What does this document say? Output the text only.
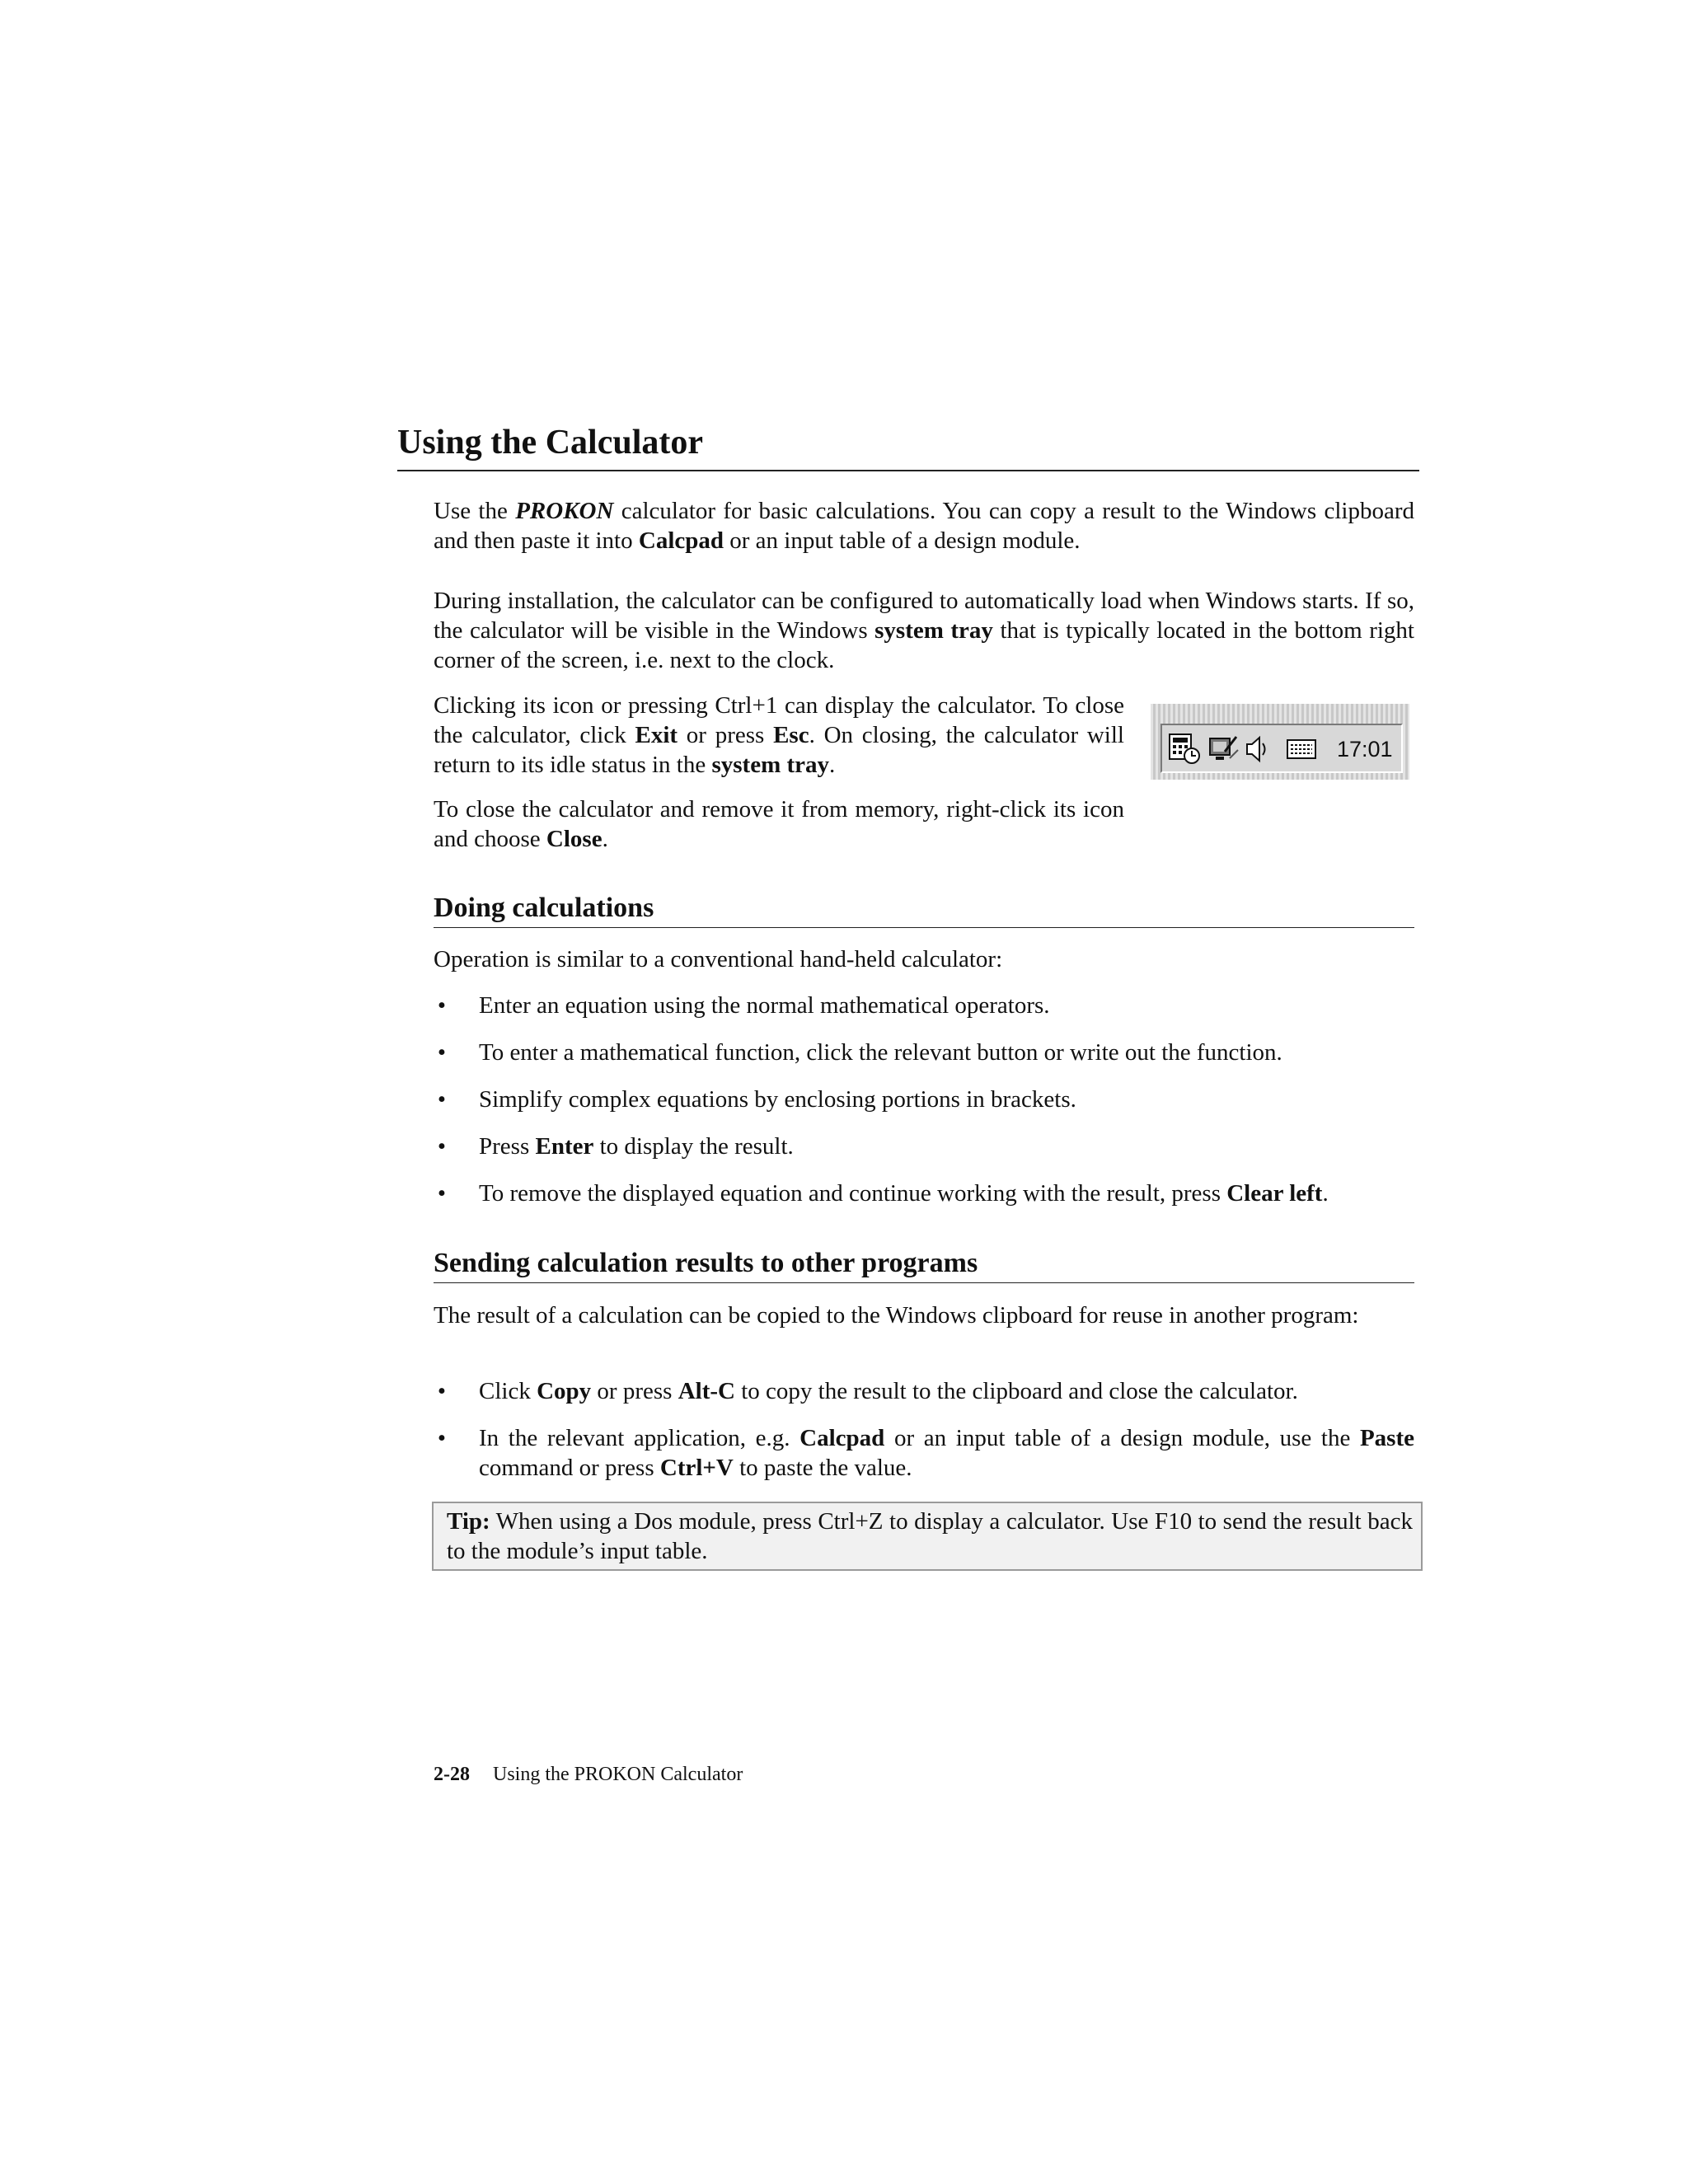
Using the Calculator

Use the PROKON calculator for basic calculations. You can copy a result to the Windows clipboard and then paste it into Calcpad or an input table of a design module.

During installation, the calculator can be configured to automatically load when Windows starts. If so, the calculator will be visible in the Windows system tray that is typically located in the bottom right corner of the screen, i.e. next to the clock.

Clicking its icon or pressing Ctrl+1 can display the calculator. To close the calculator, click Exit or press Esc. On closing, the calculator will return to its idle status in the system tray.

To close the calculator and remove it from memory, right-click its icon and choose Close.

17:01
Doing calculations

Operation is similar to a conventional hand-held calculator:

• Enter an equation using the normal mathematical operators.
• To enter a mathematical function, click the relevant button or write out the function.
• Simplify complex equations by enclosing portions in brackets.
• Press Enter to display the result.
• To remove the displayed equation and continue working with the result, press Clear left.
Sending calculation results to other programs

The result of a calculation can be copied to the Windows clipboard for reuse in another program:

• Click Copy or press Alt-C to copy the result to the clipboard and close the calculator.
• In the relevant application, e.g. Calcpad or an input table of a design module, use the Paste command or press Ctrl+V to paste the value.
Tip: When using a Dos module, press Ctrl+Z to display a calculator. Use F10 to send the result back to the module’s input table.
2-28 Using the PROKON Calculator
